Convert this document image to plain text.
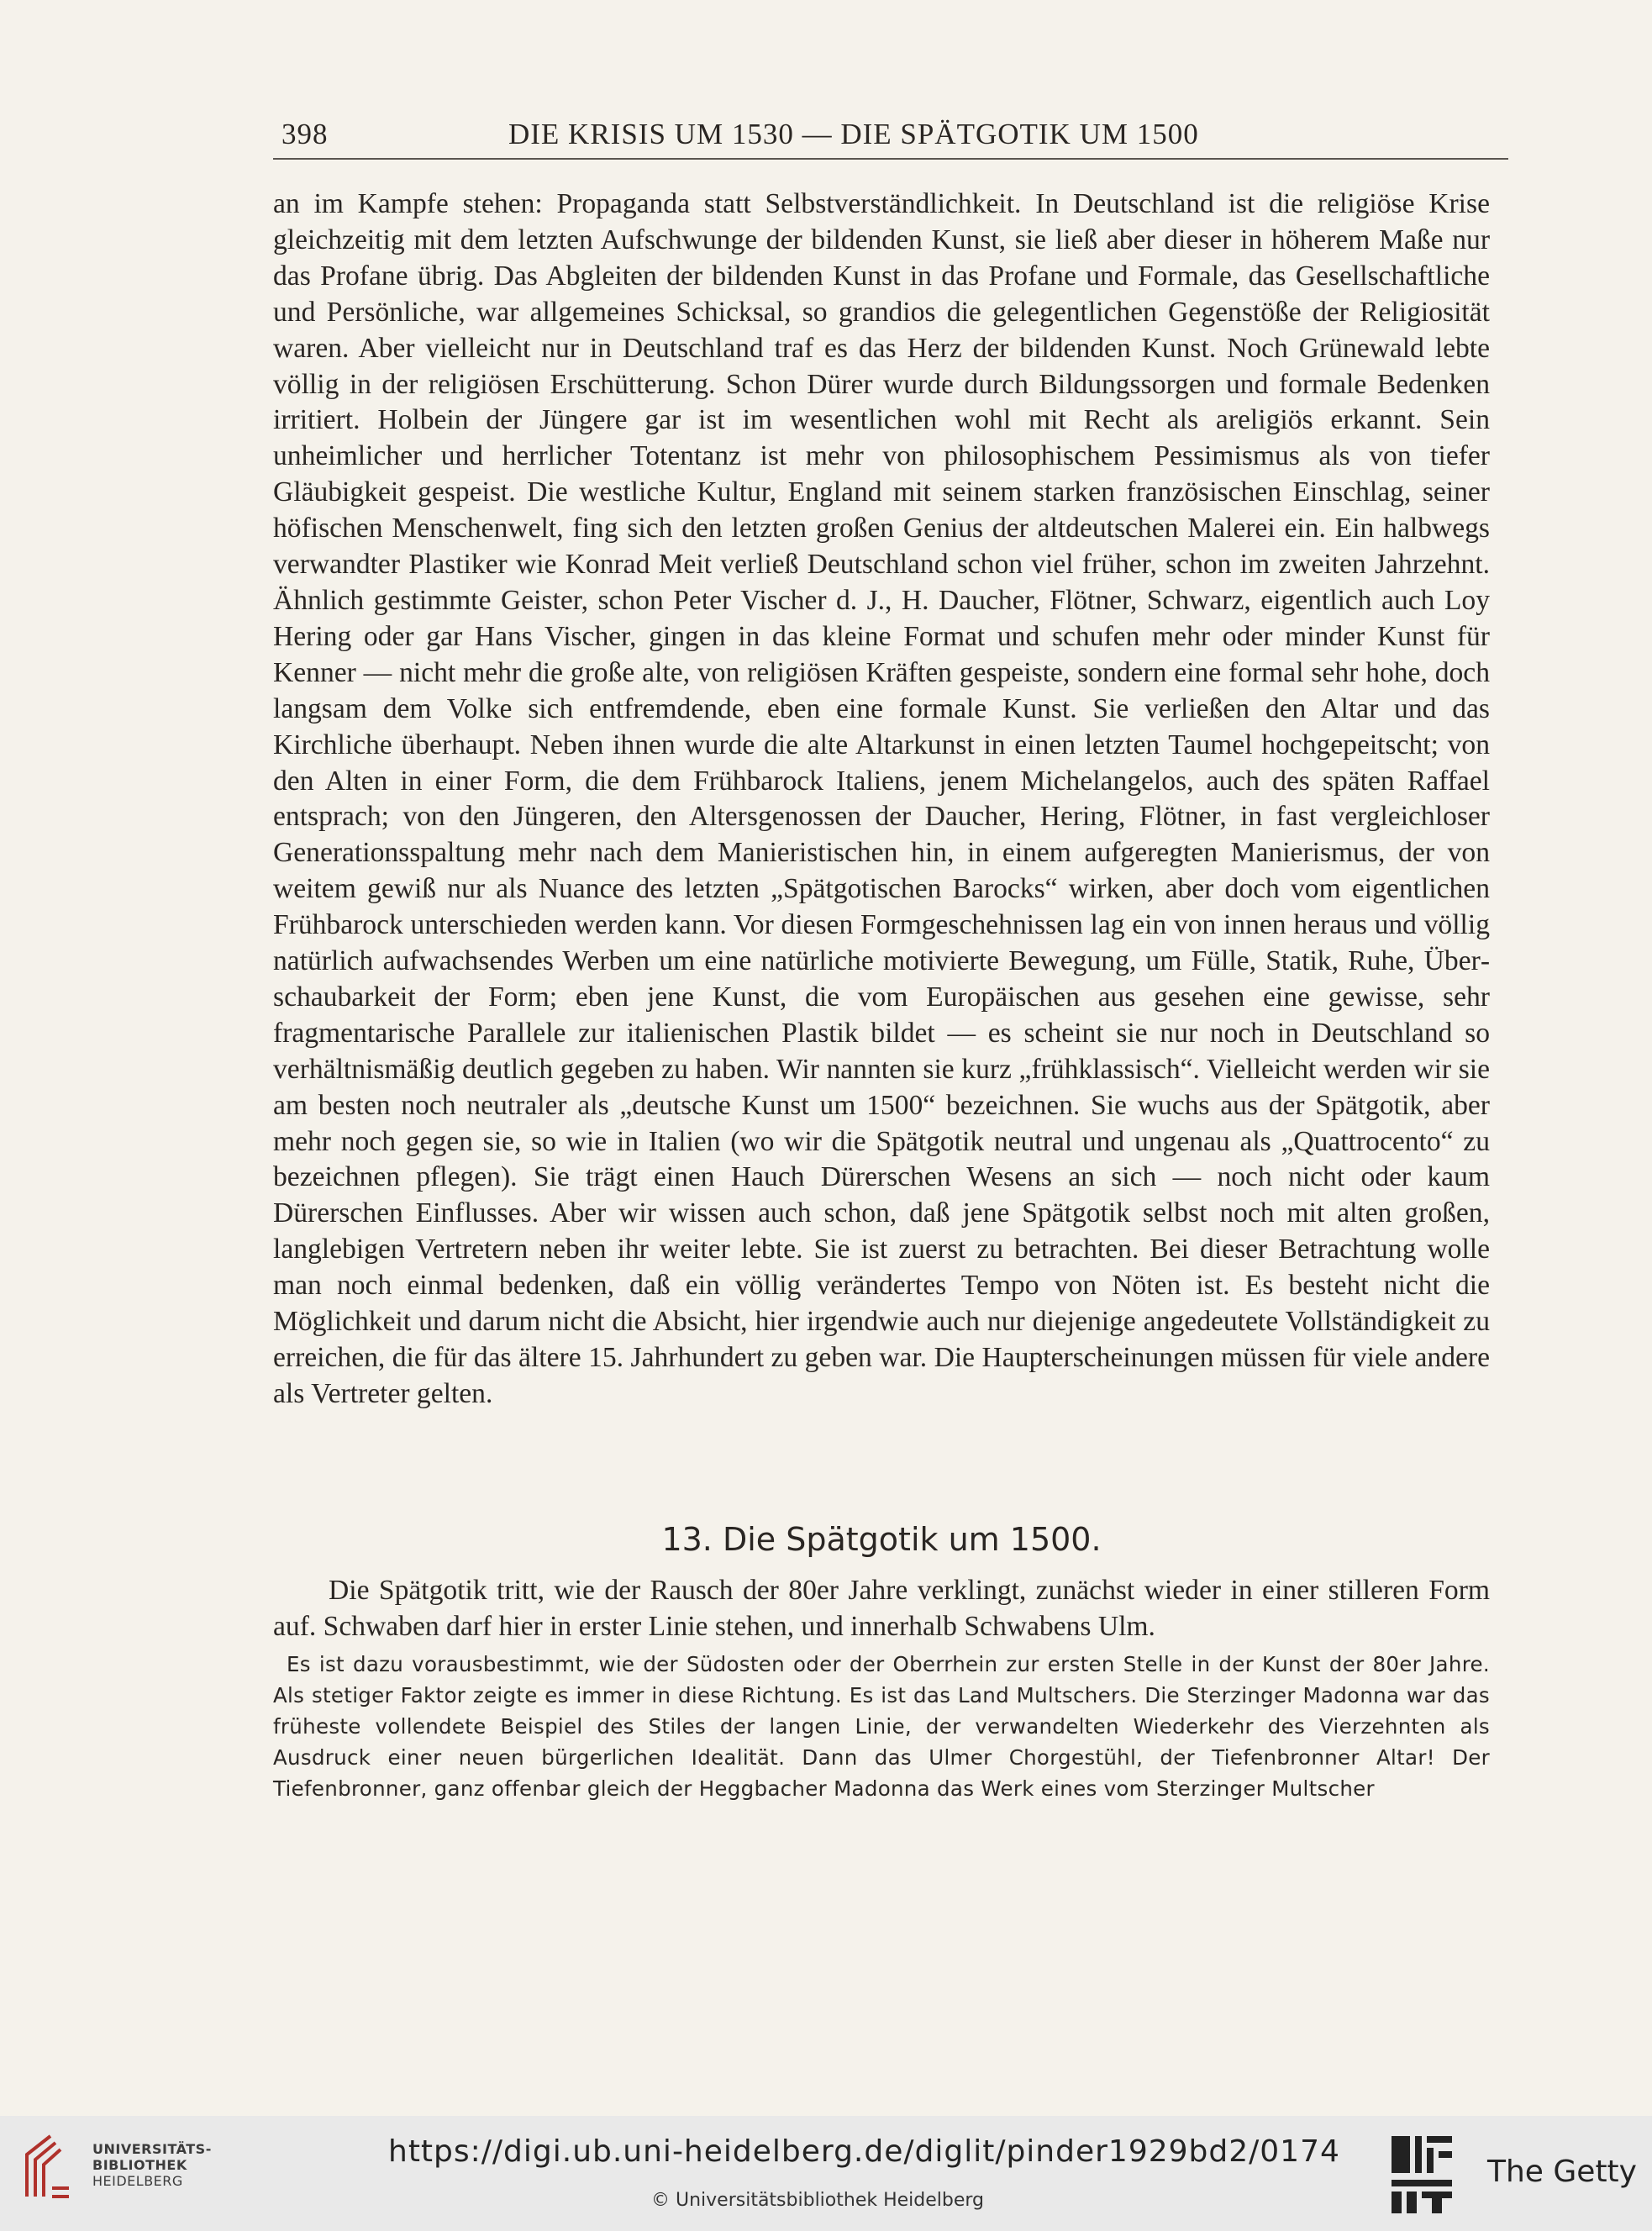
398	DIE KRISIS UM 1530 — DIE SPÄTGOTIK UM 1500

an im Kampfe stehen: Propaganda statt Selbstverständlichkeit. In Deutschland ist die religiöse Krise gleichzeitig mit dem letzten Aufschwunge der bildenden Kunst, sie ließ aber dieser in höherem Maße nur das Profane übrig. Das Abgleiten der bildenden Kunst in das Profane und Formale, das Gesellschaftliche und Persönliche, war allgemeines Schicksal, so grandios die gelegentlichen Gegenstöße der Religiosität waren. Aber vielleicht nur in Deutschland traf es das Herz der bildenden Kunst. Noch Grünewald lebte völlig in der religiösen Erschütterung. Schon Dürer wurde durch Bildungssorgen und formale Bedenken irritiert. Holbein der Jüngere gar ist im wesentlichen wohl mit Recht als areligiös erkannt. Sein unheimlicher und herrlicher Totentanz ist mehr von philosophischem Pessimismus als von tiefer Gläubigkeit gespeist. Die westliche Kultur, England mit seinem starken französischen Einschlag, seiner höfischen Menschenwelt, fing sich den letzten großen Genius der altdeutschen Malerei ein. Ein halbwegs verwandter Plastiker wie Konrad Meit verließ Deutschland schon viel früher, schon im zweiten Jahrzehnt. Ähnlich gestimmte Geister, schon Peter Vischer d. J., H. Daucher, Flötner, Schwarz, eigentlich auch Loy Hering oder gar Hans Vischer, gingen in das kleine Format und schufen mehr oder minder Kunst für Kenner — nicht mehr die große alte, von religiösen Kräften gespeiste, sondern eine formal sehr hohe, doch langsam dem Volke sich entfremdende, eben eine formale Kunst. Sie verließen den Altar und das Kirchliche überhaupt. Neben ihnen wurde die alte Altarkunst in einen letzten Taumel hochgepeitscht; von den Alten in einer Form, die dem Frühbarock Italiens, jenem Michelangelos, auch des späten Raffael entsprach; von den Jüngeren, den Altersgenossen der Daucher, Hering, Flötner, in fast vergleichloser Generationsspaltung mehr nach dem Manieristischen hin, in einem aufgeregten Manierismus, der von weitem gewiß nur als Nuance des letzten „Spätgotischen Barocks“ wirken, aber doch vom eigentlichen Frühbarock unterschieden werden kann. Vor diesen Formgeschehnissen lag ein von innen heraus und völlig natürlich aufwachsendes Werben um eine natürliche motivierte Bewegung, um Fülle, Statik, Ruhe, Überschaubarkeit der Form; eben jene Kunst, die vom Europäischen aus gesehen eine gewisse, sehr fragmentarische Parallele zur italienischen Plastik bildet — es scheint sie nur noch in Deutschland so verhältnismäßig deutlich gegeben zu haben. Wir nannten sie kurz „frühklassisch“. Vielleicht werden wir sie am besten noch neutraler als „deutsche Kunst um 1500“ bezeichnen. Sie wuchs aus der Spätgotik, aber mehr noch gegen sie, so wie in Italien (wo wir die Spätgotik neutral und ungenau als „Quattrocento“ zu bezeichnen pflegen). Sie trägt einen Hauch Dürerschen Wesens an sich — noch nicht oder kaum Dürerschen Einflusses. Aber wir wissen auch schon, daß jene Spätgotik selbst noch mit alten großen, langlebigen Vertretern neben ihr weiter lebte. Sie ist zuerst zu betrachten. Bei dieser Betrachtung wolle man noch einmal bedenken, daß ein völlig verändertes Tempo von Nöten ist. Es besteht nicht die Möglichkeit und darum nicht die Absicht, hier irgendwie auch nur diejenige angedeutete Vollständigkeit zu erreichen, die für das ältere 15. Jahrhundert zu geben war. Die Haupterscheinungen müssen für viele andere als Vertreter gelten.

13. Die Spätgotik um 1500.

Die Spätgotik tritt, wie der Rausch der 80er Jahre verklingt, zunächst wieder in einer stilleren Form auf. Schwaben darf hier in erster Linie stehen, und innerhalb Schwabens Ulm.

Es ist dazu vorausbestimmt, wie der Südosten oder der Oberrhein zur ersten Stelle in der Kunst der 80er Jahre. Als stetiger Faktor zeigte es immer in diese Richtung. Es ist das Land Multschers. Die Sterzinger Madonna war das früheste vollendete Beispiel des Stiles der langen Linie, der verwandelten Wiederkehr des Vierzehnten als Ausdruck einer neuen bürgerlichen Idealität. Dann das Ulmer Chorgestühl, der Tiefenbronner Altar! Der Tiefenbronner, ganz offenbar gleich der Heggbacher Madonna das Werk eines vom Sterzinger Multscher

UNIVERSITÄTS-
BIBLIOTHEK
HEIDELBERG
https://digi.ub.uni-heidelberg.de/diglit/pinder1929bd2/0174
© Universitätsbibliothek Heidelberg
The Getty
